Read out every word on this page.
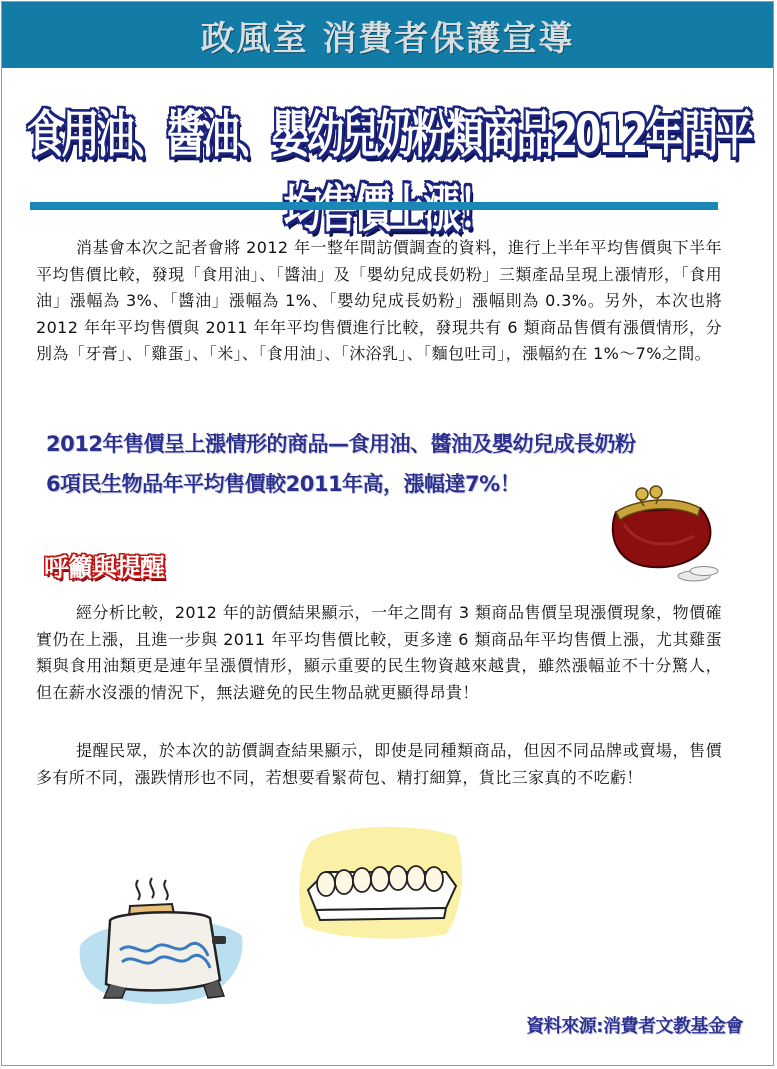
政風室 消費者保護宣導
食用油、醬油、嬰幼兒奶粉類商品2012年間平

消基會本次之記者會將 2012 年一整年間訪價調查的資料，進行上半年平均售價與下半年平均售價比較，發現「食用油」、「醬油」及「嬰幼兒成長奶粉」三類產品呈現上漲情形，「食用油」漲幅為 3%、「醬油」漲幅為 1%、「嬰幼兒成長奶粉」漲幅則為 0.3%。另外，本次也將 2012 年年平均售價與 2011 年年平均售價進行比較，發現共有 6 類商品售價有漲價情形，分別為「牙膏」、「雞蛋」、「米」、「食用油」、「沐浴乳」、「麵包吐司」，漲幅約在 1%～7%之間。

2012年售價呈上漲情形的商品—食用油、醬油及嬰幼兒成長奶粉
6項民生物品年平均售價較2011年高，漲幅達7%！
呼籲與提醒

經分析比較，2012 年的訪價結果顯示，一年之間有 3 類商品售價呈現漲價現象，物價確實仍在上漲，且進一步與 2011 年平均售價比較，更多達 6 類商品年平均售價上漲，尤其雞蛋類與食用油類更是連年呈漲價情形，顯示重要的民生物資越來越貴，雖然漲幅並不十分驚人，但在薪水沒漲的情況下，無法避免的民生物品就更顯得昂貴！

提醒民眾，於本次的訪價調查結果顯示，即使是同種類商品，但因不同品牌或賣場，售價多有所不同，漲跌情形也不同，若想要看緊荷包、精打細算，貨比三家真的不吃虧！

資料來源:消費者文教基金會
